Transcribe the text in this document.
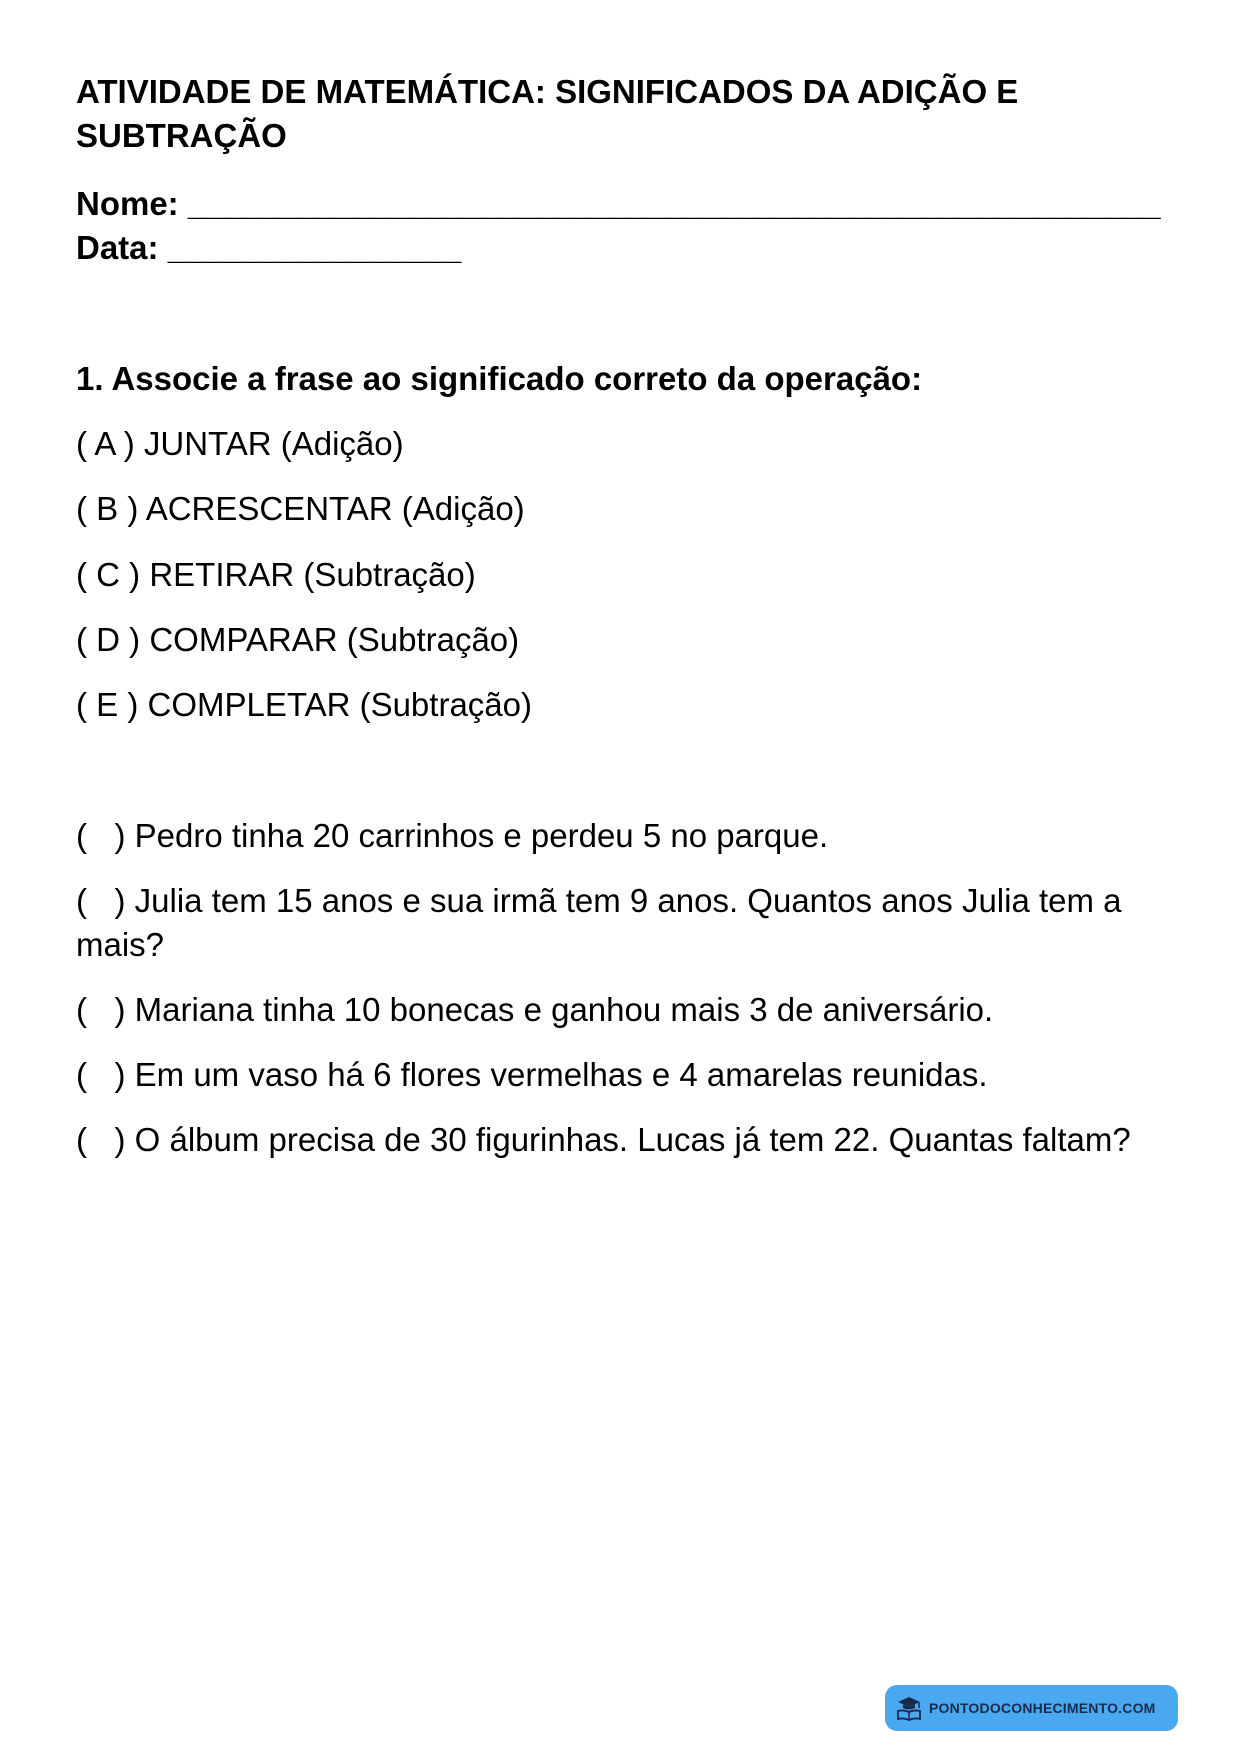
ATIVIDADE DE MATEMÁTICA: SIGNIFICADOS DA ADIÇÃO E SUBTRAÇÃO
Nome: _____________________________________________________
Data: ________________
1. Associe a frase ao significado correto da operação:
( A ) JUNTAR (Adição)
( B ) ACRESCENTAR (Adição)
( C ) RETIRAR (Subtração)
( D ) COMPARAR (Subtração)
( E ) COMPLETAR (Subtração)
(   ) Pedro tinha 20 carrinhos e perdeu 5 no parque.
(   ) Julia tem 15 anos e sua irmã tem 9 anos. Quantos anos Julia tem a mais?
(   ) Mariana tinha 10 bonecas e ganhou mais 3 de aniversário.
(   ) Em um vaso há 6 flores vermelhas e 4 amarelas reunidas.
(   ) O álbum precisa de 30 figurinhas. Lucas já tem 22. Quantas faltam?
PONTODOCONHECIMENTO.COM
